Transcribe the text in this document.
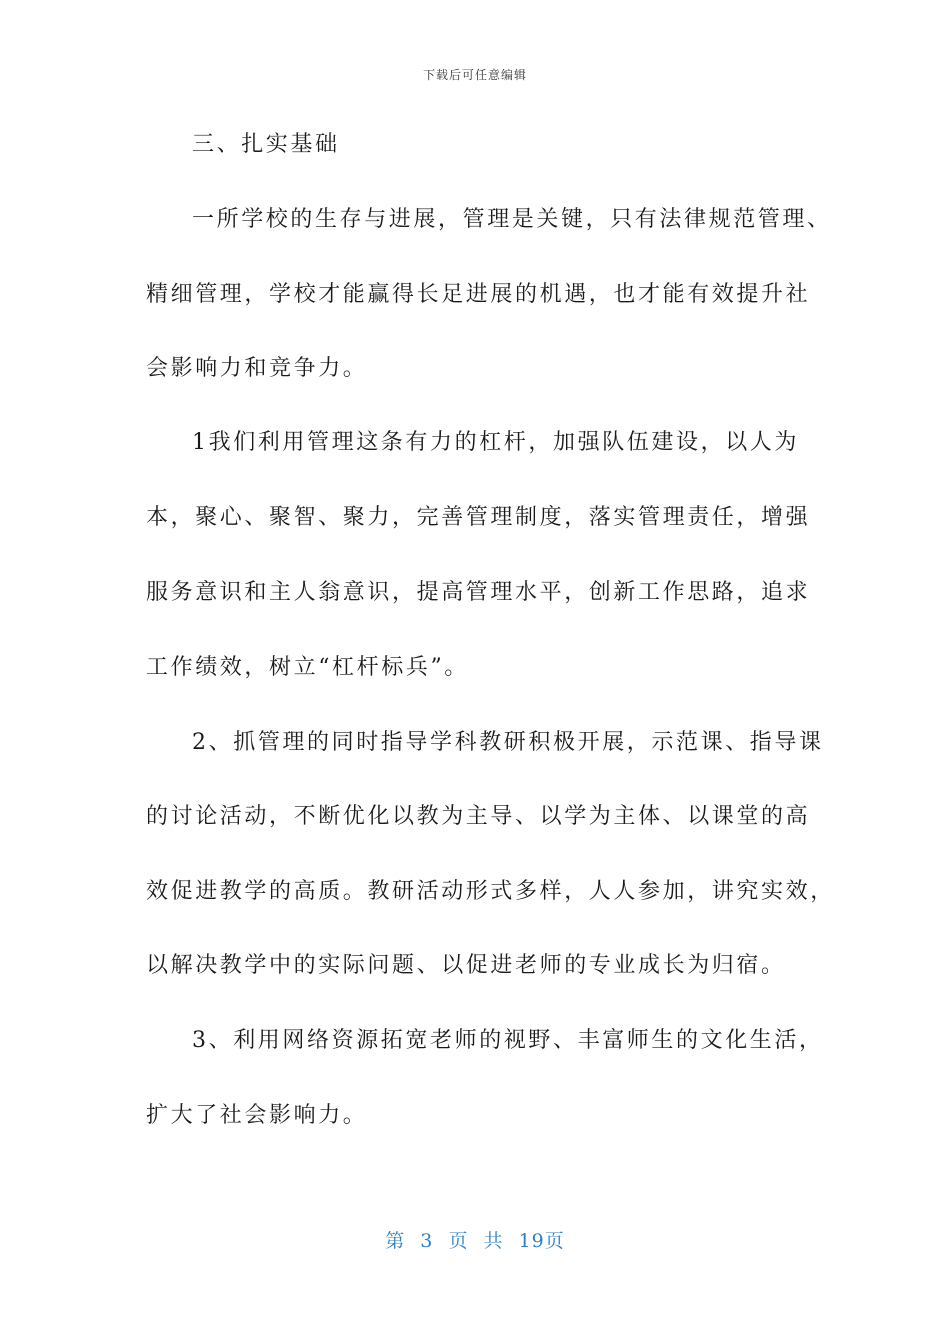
下载后可任意编辑
三、扎实基础
一所学校的生存与进展，管理是关键，只有法律规范管理、
精细管理，学校才能赢得长足进展的机遇，也才能有效提升社
会影响力和竞争力。
1我们利用管理这条有力的杠杆，加强队伍建设，以人为
本，聚心、聚智、聚力，完善管理制度，落实管理责任，增强
服务意识和主人翁意识，提高管理水平，创新工作思路，追求
工作绩效，树立“杠杆标兵”。
2、抓管理的同时指导学科教研积极开展，示范课、指导课
的讨论活动，不断优化以教为主导、以学为主体、以课堂的高
效促进教学的高质。教研活动形式多样，人人参加，讲究实效，
以解决教学中的实际问题、以促进老师的专业成长为归宿。
3、利用网络资源拓宽老师的视野、丰富师生的文化生活，
扩大了社会影响力。
第 3 页 共 19页
